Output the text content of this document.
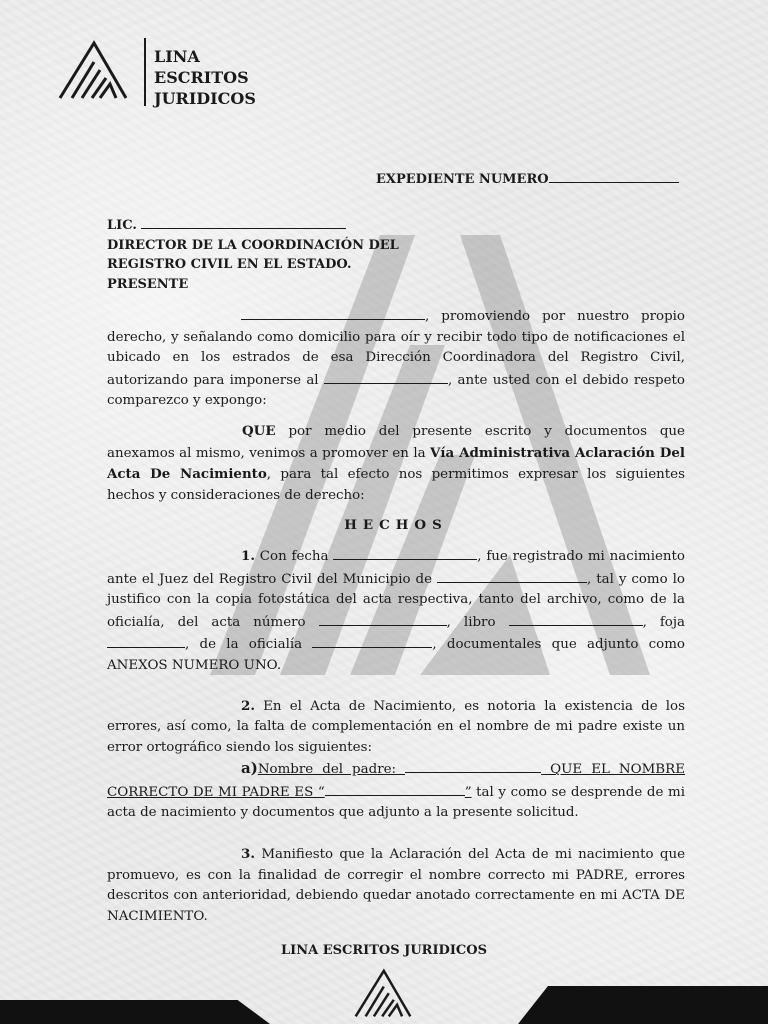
LINA
ESCRITOS
JURIDICOS
EXPEDIENTE NUMERO
LIC.
DIRECTOR DE LA COORDINACIÓN DEL
REGISTRO CIVIL EN EL ESTADO.
PRESENTE

, promoviendo por nuestro propio derecho, y señalando como domicilio para oír y recibir todo tipo de notificaciones el ubicado en los estrados de esa Dirección Coordinadora del Registro Civil, autorizando para imponerse al	, ante usted con el debido respeto comparezco y expongo:

QUE por medio del presente escrito y documentos que anexamos al mismo, venimos a promover en la Vía Administrativa Aclaración Del Acta De Nacimiento, para tal efecto nos permitimos expresar los siguientes hechos y consideraciones de derecho:

HECHOS

1. Con fecha	, fue registrado mi nacimiento ante el Juez del Registro Civil del Municipio de	, tal y como lo justifico con la copia fotostática del acta respectiva, tanto del archivo, como de la oficialía, del acta número	, libro	, foja , de la oficialía	, documentales que adjunto como ANEXOS NUMERO UNO.

2. En el Acta de Nacimiento, es notoria la existencia de los errores, así como, la falta de complementación en el nombre de mi padre existe un error ortográfico siendo los siguientes:

a)Nombre del padre:	QUE EL NOMBRE CORRECTO DE MI PADRE ES “	” tal y como se desprende de mi acta de nacimiento y documentos que adjunto a la presente solicitud.

3. Manifiesto que la Aclaración del Acta de mi nacimiento que promuevo, es con la finalidad de corregir el nombre correcto mi PADRE, errores descritos con anterioridad, debiendo quedar anotado correctamente en mi ACTA DE NACIMIENTO.

LINA ESCRITOS JURIDICOS
